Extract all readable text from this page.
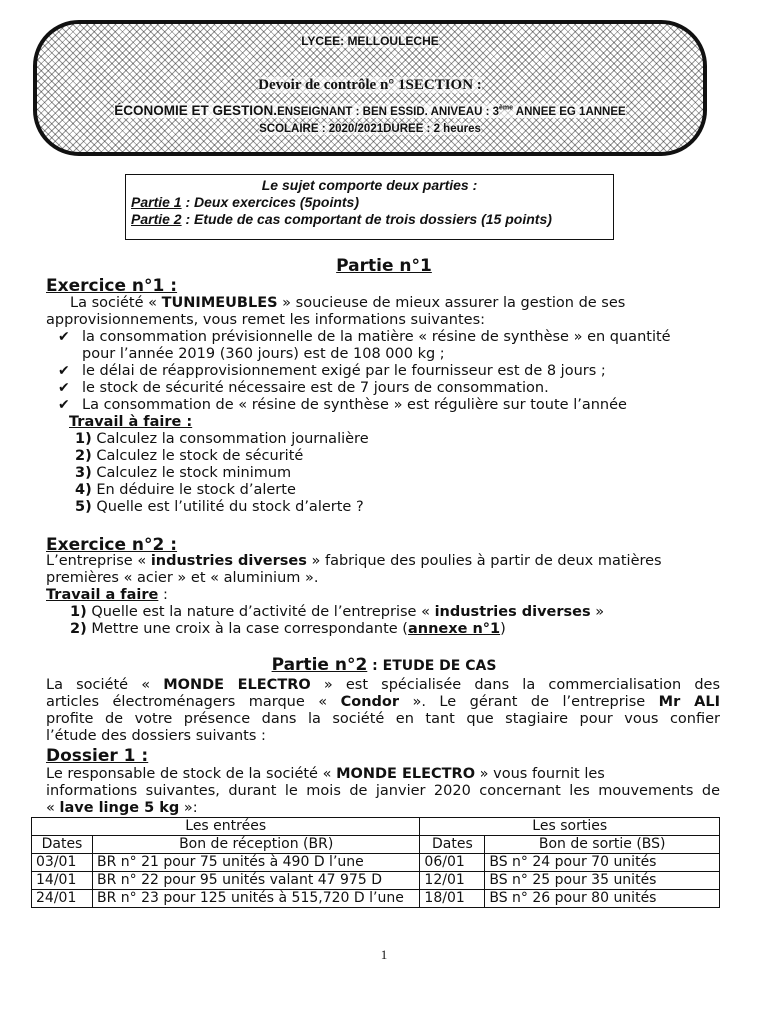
LYCEE: MELLOULECHE
Devoir de contrôle n° 1SECTION :
ÉCONOMIE ET GESTION.ENSEIGNANT : BEN ESSID. ANIVEAU : 3ème ANNEE EG 1ANNEE
SCOLAIRE : 2020/2021DUREE : 2 heures
Le sujet comporte deux parties :
Partie 1 : Deux exercices (5points)
Partie 2 : Etude de cas comportant de trois dossiers (15 points)
Partie n°1
Exercice n°1 :
La société « TUNIMEUBLES » soucieuse de mieux assurer la gestion de ses
approvisionnements, vous remet les informations suivantes:
✔ la consommation prévisionnelle de la matière « résine de synthèse » en quantité
pour l’année 2019 (360 jours) est de 108 000 kg ;
✔ le délai de réapprovisionnement exigé par le fournisseur est de 8 jours ;
✔ le stock de sécurité nécessaire est de 7 jours de consommation.
✔ La consommation de « résine de synthèse » est régulière sur toute l’année
Travail à faire :
1) Calculez la consommation journalière
2) Calculez le stock de sécurité
3) Calculez le stock minimum
4) En déduire le stock d’alerte
5) Quelle est l’utilité du stock d’alerte ?
Exercice n°2 :
L’entreprise « industries diverses » fabrique des poulies à partir de deux matières
premières « acier » et « aluminium ».
Travail a faire :
1) Quelle est la nature d’activité de l’entreprise « industries diverses »
2) Mettre une croix à la case correspondante (annexe n°1)
Partie n°2 : ETUDE DE CAS
La société « MONDE ELECTRO » est spécialisée dans la commercialisation des
articles électroménagers marque « Condor ». Le gérant de l’entreprise Mr ALI
profite de votre présence dans la société en tant que stagiaire pour vous confier
l’étude des dossiers suivants :
Dossier 1 :
Le responsable de stock de la société « MONDE ELECTRO » vous fournit les
informations suivantes, durant le mois de janvier 2020 concernant les mouvements de
« lave linge 5 kg »:
Les entrées		Les sorties	
Dates	Bon de réception (BR)	Dates	Bon de sortie (BS)
03/01	BR n° 21 pour 75 unités à 490 D l’une	06/01	BS n° 24 pour 70 unités
14/01	BR n° 22 pour 95 unités valant 47 975 D	12/01	BS n° 25 pour 35 unités
24/01	BR n° 23 pour 125 unités à 515,720 D l’une	18/01	BS n° 26 pour 80 unités
1
